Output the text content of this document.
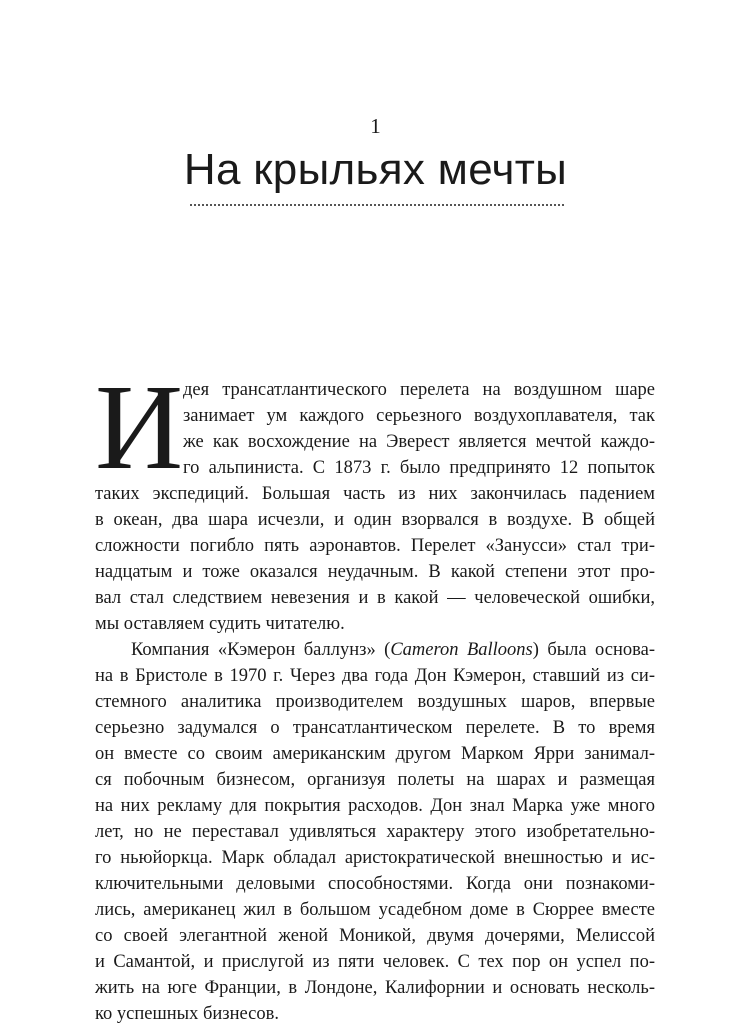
1
На крыльях мечты
И дея трансатлантического перелета на воздушном шаре
занимает ум каждого серьезного воздухоплавателя, так
же как восхождение на Эверест является мечтой каждо-
го альпиниста. С 1873 г. было предпринято 12 попыток
таких экспедиций. Большая часть из них закончилась падением
в океан, два шара исчезли, и один взорвался в воздухе. В общей
сложности погибло пять аэронавтов. Перелет «Занусси» стал три-
надцатым и тоже оказался неудачным. В какой степени этот про-
вал стал следствием невезения и в какой — человеческой ошибки,
мы оставляем судить читателю.
Компания «Кэмерон баллунз» (Cameron Balloons) была основа-
на в Бристоле в 1970 г. Через два года Дон Кэмерон, ставший из си-
стемного аналитика производителем воздушных шаров, впервые
серьезно задумался о трансатлантическом перелете. В то время
он вместе со своим американским другом Марком Ярри занимал-
ся побочным бизнесом, организуя полеты на шарах и размещая
на них рекламу для покрытия расходов. Дон знал Марка уже много
лет, но не переставал удивляться характеру этого изобретательно-
го ньюйоркца. Марк обладал аристократической внешностью и ис-
ключительными деловыми способностями. Когда они познакоми-
лись, американец жил в большом усадебном доме в Сюррее вместе
со своей элегантной женой Моникой, двумя дочерями, Мелиссой
и Самантой, и прислугой из пяти человек. С тех пор он успел по-
жить на юге Франции, в Лондоне, Калифорнии и основать несколь-
ко успешных бизнесов.
